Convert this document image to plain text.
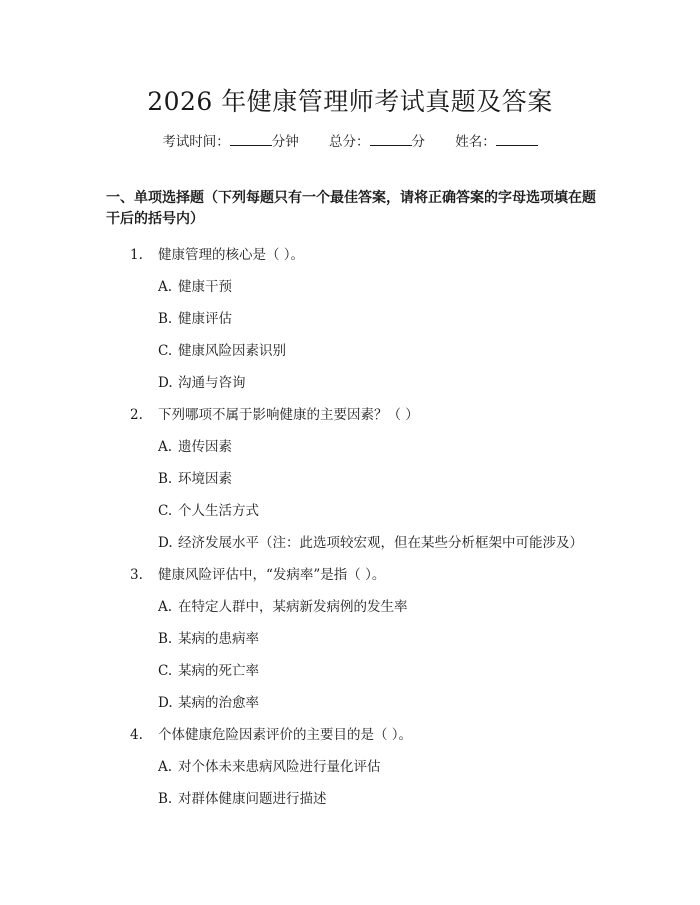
2026 年健康管理师考试真题及答案
考试时间：	分钟 总分：	分 姓名：
一、单项选择题（下列每题只有一个最佳答案，请将正确答案的字母选项填在题干后的括号内）
1. 健康管理的核心是（ ）。
A. 健康干预
B. 健康评估
C. 健康风险因素识别
D. 沟通与咨询
2. 下列哪项不属于影响健康的主要因素？（ ）
A. 遗传因素
B. 环境因素
C. 个人生活方式
D. 经济发展水平（注：此选项较宏观，但在某些分析框架中可能涉及）
3. 健康风险评估中，“发病率”是指（ ）。
A. 在特定人群中，某病新发病例的发生率
B. 某病的患病率
C. 某病的死亡率
D. 某病的治愈率
4. 个体健康危险因素评价的主要目的是（ ）。
A. 对个体未来患病风险进行量化评估
B. 对群体健康问题进行描述
